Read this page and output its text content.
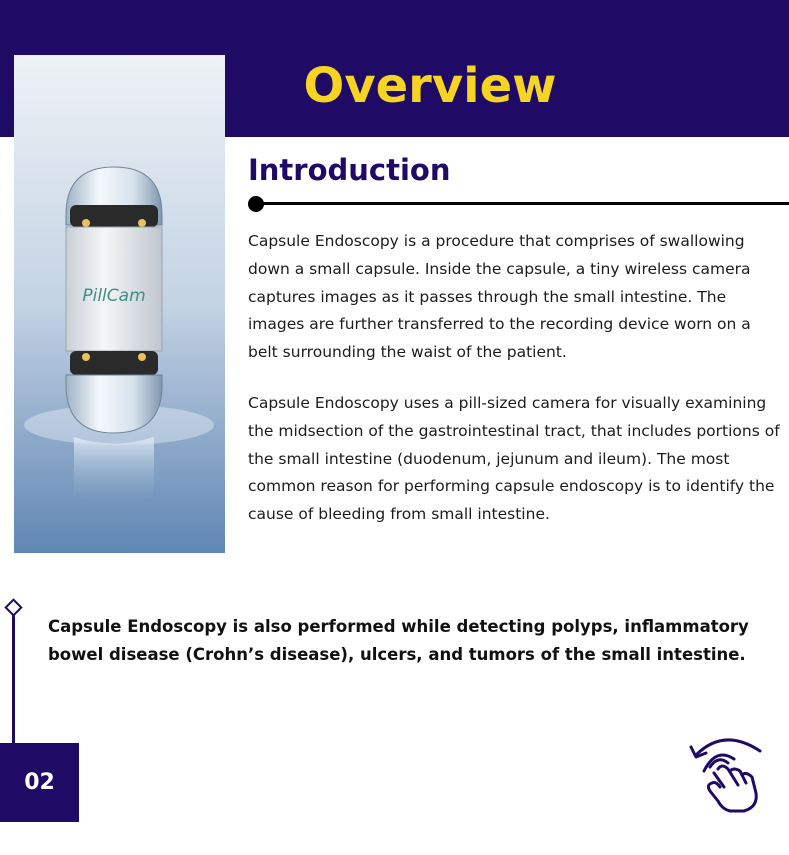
Overview
PillCam
Introduction

Capsule Endoscopy is a procedure that comprises of swallowing down a small capsule. Inside the capsule, a tiny wireless camera captures images as it passes through the small intestine. The images are further transferred to the recording device worn on a belt surrounding the waist of the patient.

Capsule Endoscopy uses a pill-sized camera for visually examining the midsection of the gastrointestinal tract, that includes portions of the small intestine (duodenum, jejunum and ileum). The most common reason for performing capsule endoscopy is to identify the cause of bleeding from small intestine.

Capsule Endoscopy is also performed while detecting polyps, inflammatory bowel disease (Crohn’s disease), ulcers, and tumors of the small intestine.

02
